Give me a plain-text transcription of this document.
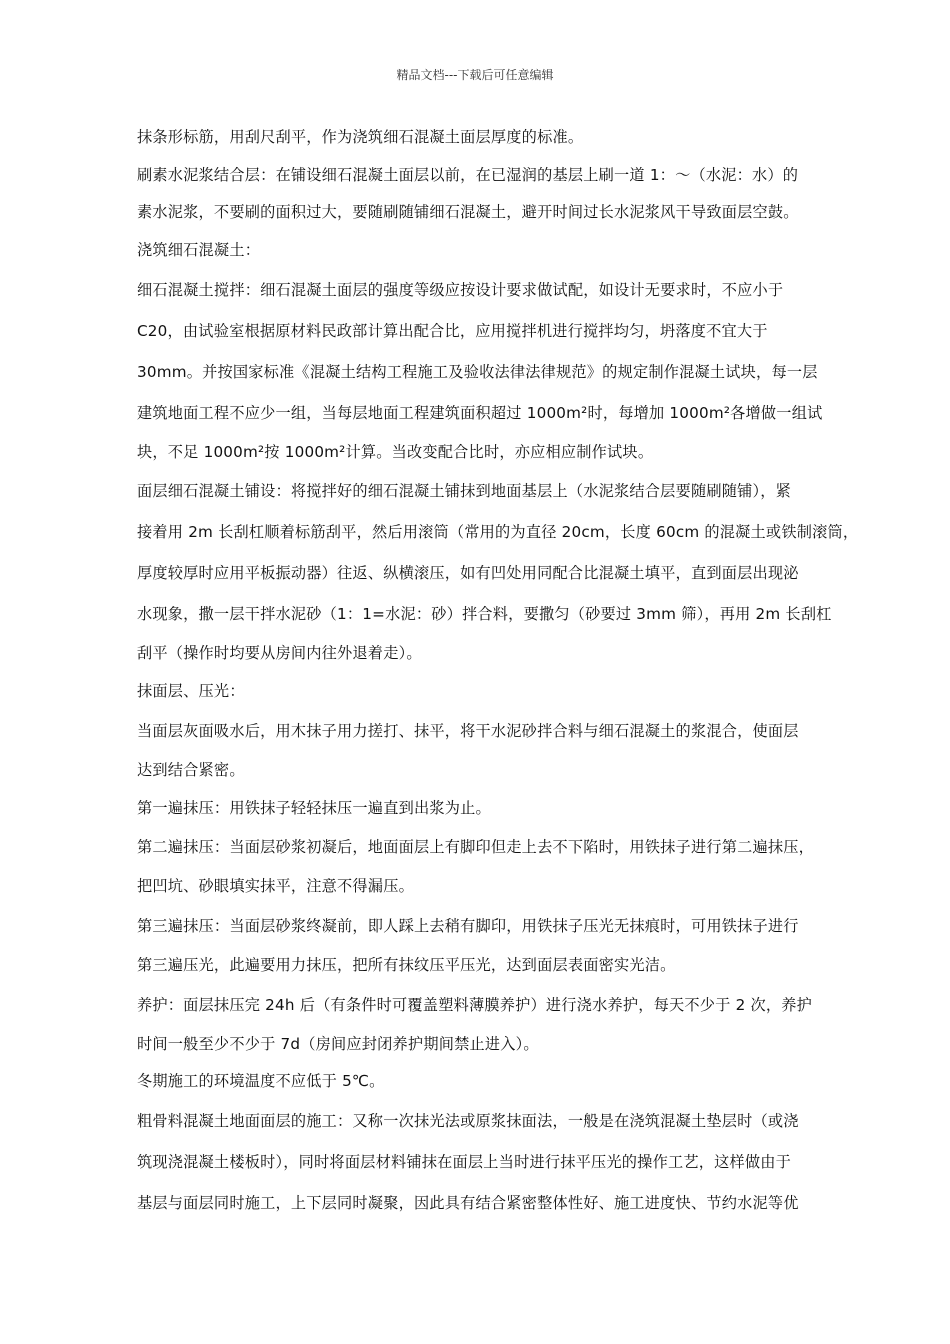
精品文档---下载后可任意编辑
抹条形标筋，用刮尺刮平，作为浇筑细石混凝土面层厚度的标准。
刷素水泥浆结合层：在铺设细石混凝土面层以前，在已湿润的基层上刷一道 1：～（水泥：水）的
素水泥浆，不要刷的面积过大，要随刷随铺细石混凝土，避开时间过长水泥浆风干导致面层空鼓。
浇筑细石混凝土：
细石混凝土搅拌：细石混凝土面层的强度等级应按设计要求做试配，如设计无要求时，不应小于
C20，由试验室根据原材料民政部计算出配合比，应用搅拌机进行搅拌均匀，坍落度不宜大于
30mm。并按国家标准《混凝土结构工程施工及验收法律法律规范》的规定制作混凝土试块，每一层
建筑地面工程不应少一组，当每层地面工程建筑面积超过 1000m²时，每增加 1000m²各增做一组试
块，不足 1000m²按 1000m²计算。当改变配合比时，亦应相应制作试块。
面层细石混凝土铺设：将搅拌好的细石混凝土铺抹到地面基层上（水泥浆结合层要随刷随铺），紧
接着用 2m 长刮杠顺着标筋刮平，然后用滚筒（常用的为直径 20cm，长度 60cm 的混凝土或铁制滚筒，
厚度较厚时应用平板振动器）往返、纵横滚压，如有凹处用同配合比混凝土填平，直到面层出现泌
水现象，撒一层干拌水泥砂（1：1=水泥：砂）拌合料，要撒匀（砂要过 3mm 筛），再用 2m 长刮杠
刮平（操作时均要从房间内往外退着走）。
抹面层、压光：
当面层灰面吸水后，用木抹子用力搓打、抹平，将干水泥砂拌合料与细石混凝土的浆混合，使面层
达到结合紧密。
第一遍抹压：用铁抹子轻轻抹压一遍直到出浆为止。
第二遍抹压：当面层砂浆初凝后，地面面层上有脚印但走上去不下陷时，用铁抹子进行第二遍抹压，
把凹坑、砂眼填实抹平，注意不得漏压。
第三遍抹压：当面层砂浆终凝前，即人踩上去稍有脚印，用铁抹子压光无抹痕时，可用铁抹子进行
第三遍压光，此遍要用力抹压，把所有抹纹压平压光，达到面层表面密实光洁。
养护：面层抹压完 24h 后（有条件时可覆盖塑料薄膜养护）进行浇水养护，每天不少于 2 次，养护
时间一般至少不少于 7d（房间应封闭养护期间禁止进入）。
冬期施工的环境温度不应低于 5℃。
粗骨料混凝土地面面层的施工：又称一次抹光法或原浆抹面法，一般是在浇筑混凝土垫层时（或浇
筑现浇混凝土楼板时），同时将面层材料铺抹在面层上当时进行抹平压光的操作工艺，这样做由于
基层与面层同时施工，上下层同时凝聚，因此具有结合紧密整体性好、施工进度快、节约水泥等优
